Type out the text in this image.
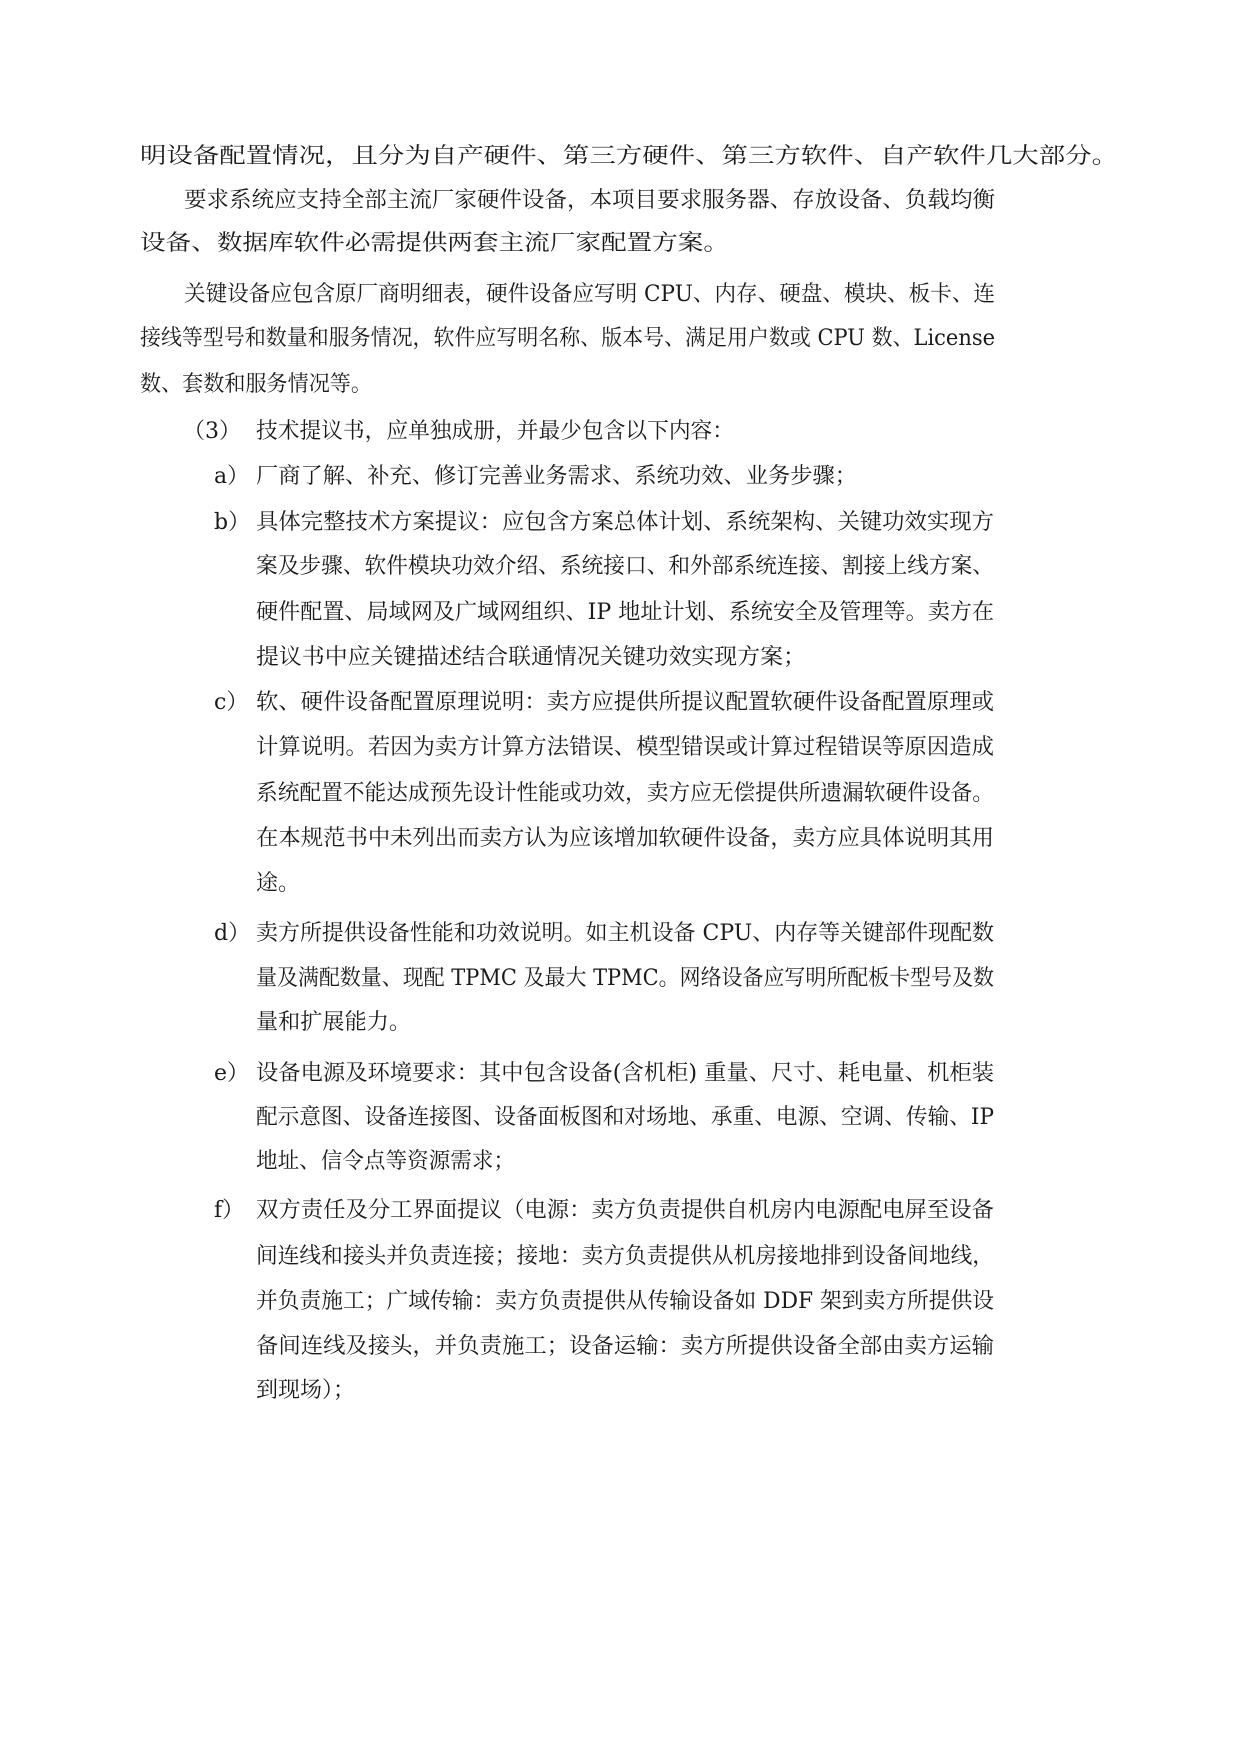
明设备配置情况，且分为自产硬件、第三方硬件、第三方软件、自产软件几大部分。
要求系统应支持全部主流厂家硬件设备，本项目要求服务器、存放设备、负载均衡
设备、数据库软件必需提供两套主流厂家配置方案。
关键设备应包含原厂商明细表，硬件设备应写明 CPU、内存、硬盘、模块、板卡、连
接线等型号和数量和服务情况，软件应写明名称、版本号、满足用户数或 CPU 数、License
数、套数和服务情况等。
（3） 技术提议书，应单独成册，并最少包含以下内容：
a） 厂商了解、补充、修订完善业务需求、系统功效、业务步骤；
b） 具体完整技术方案提议：应包含方案总体计划、系统架构、关键功效实现方
案及步骤、软件模块功效介绍、系统接口、和外部系统连接、割接上线方案、
硬件配置、局域网及广域网组织、IP 地址计划、系统安全及管理等。卖方在
提议书中应关键描述结合联通情况关键功效实现方案；
c） 软、硬件设备配置原理说明：卖方应提供所提议配置软硬件设备配置原理或
计算说明。若因为卖方计算方法错误、模型错误或计算过程错误等原因造成
系统配置不能达成预先设计性能或功效，卖方应无偿提供所遗漏软硬件设备。
在本规范书中未列出而卖方认为应该增加软硬件设备，卖方应具体说明其用
途。
d） 卖方所提供设备性能和功效说明。如主机设备 CPU、内存等关键部件现配数
量及满配数量、现配 TPMC 及最大 TPMC。网络设备应写明所配板卡型号及数
量和扩展能力。
e） 设备电源及环境要求：其中包含设备(含机柜) 重量、尺寸、耗电量、机柜装
配示意图、设备连接图、设备面板图和对场地、承重、电源、空调、传输、IP
地址、信令点等资源需求；
f） 双方责任及分工界面提议（电源：卖方负责提供自机房内电源配电屏至设备
间连线和接头并负责连接；接地：卖方负责提供从机房接地排到设备间地线，
并负责施工；广域传输：卖方负责提供从传输设备如 DDF 架到卖方所提供设
备间连线及接头，并负责施工；设备运输：卖方所提供设备全部由卖方运输
到现场）；
